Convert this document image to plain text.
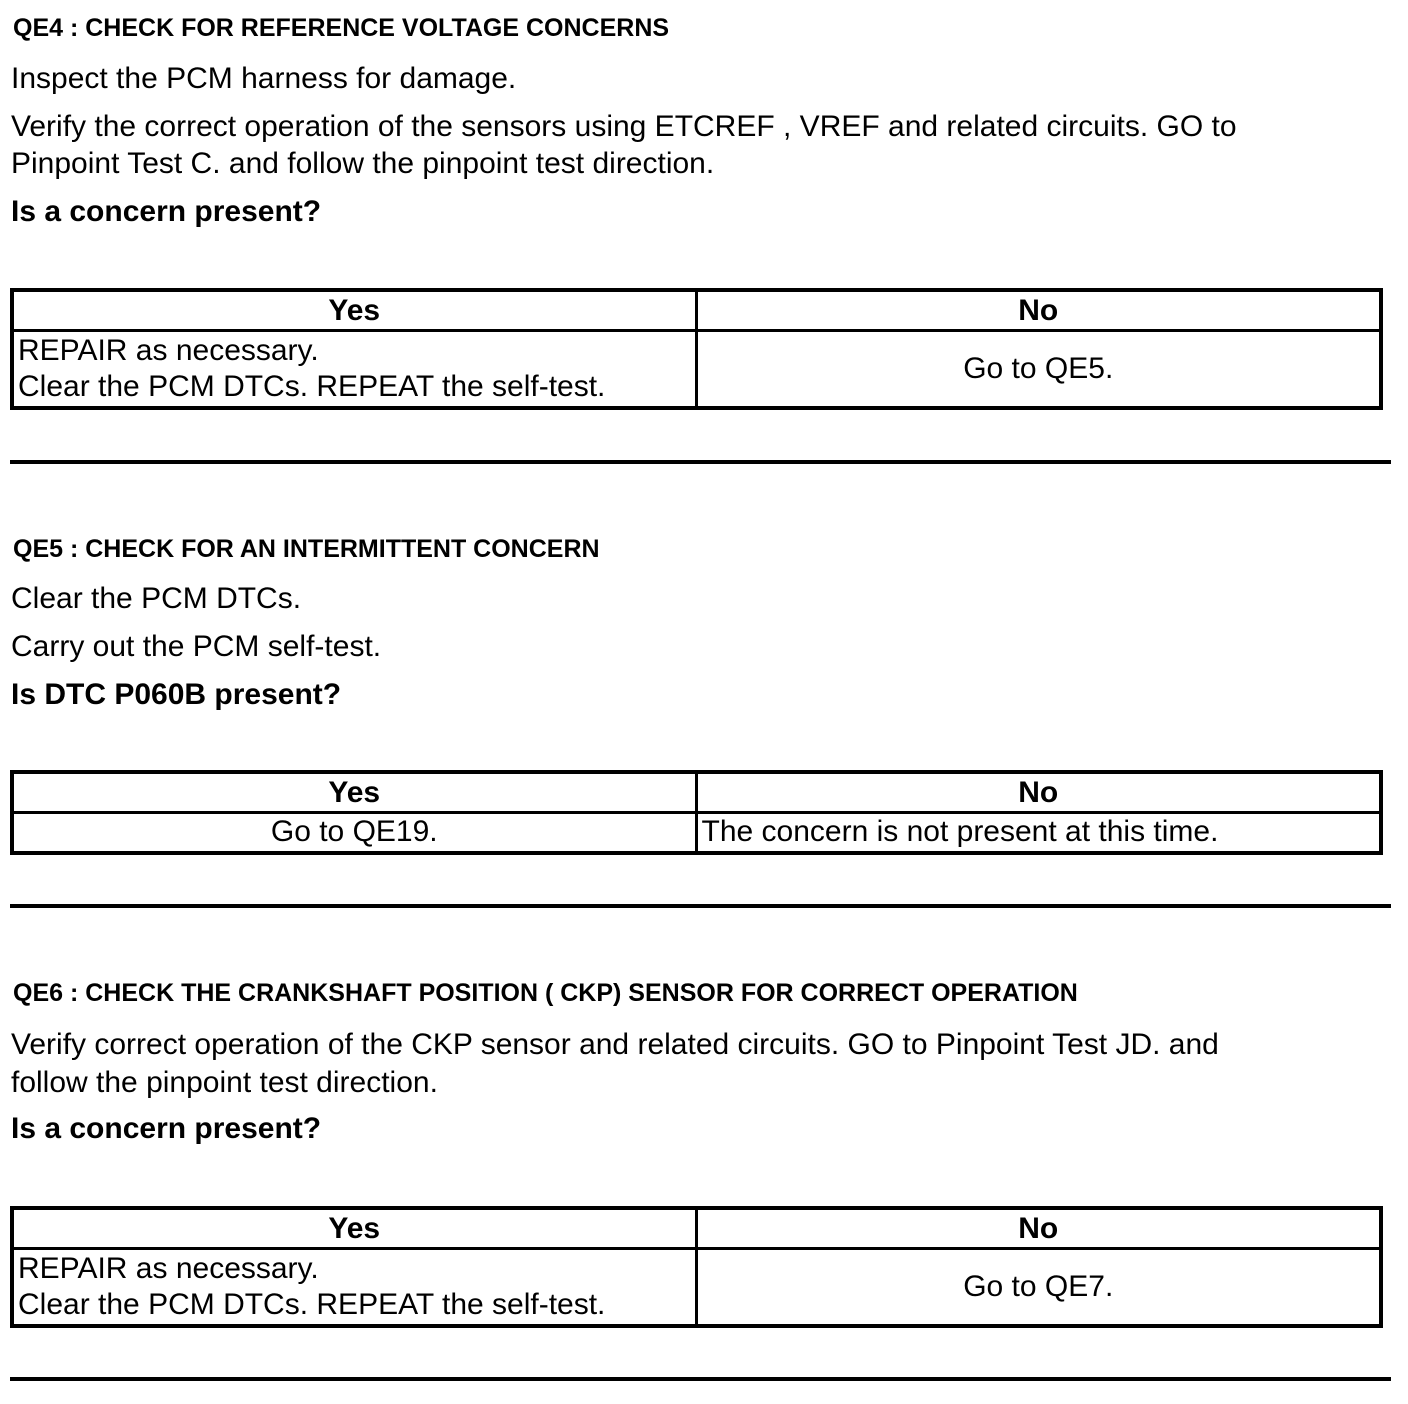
QE4 : CHECK FOR REFERENCE VOLTAGE CONCERNS
Inspect the PCM harness for damage.
Verify the correct operation of the sensors using ETCREF , VREF and related circuits. GO to
Pinpoint Test C. and follow the pinpoint test direction.
Is a concern present?
Yes	No

REPAIR as necessary.
Clear the PCM DTCs. REPEAT the self-test.	Go to QE5.
QE5 : CHECK FOR AN INTERMITTENT CONCERN
Clear the PCM DTCs.
Carry out the PCM self-test.
Is DTC P060B present?
Yes	No
Go to QE19.	The concern is not present at this time.
QE6 : CHECK THE CRANKSHAFT POSITION ( CKP) SENSOR FOR CORRECT OPERATION
Verify correct operation of the CKP sensor and related circuits. GO to Pinpoint Test JD. and
follow the pinpoint test direction.
Is a concern present?
Yes	No

REPAIR as necessary.
Clear the PCM DTCs. REPEAT the self-test.	Go to QE7.
